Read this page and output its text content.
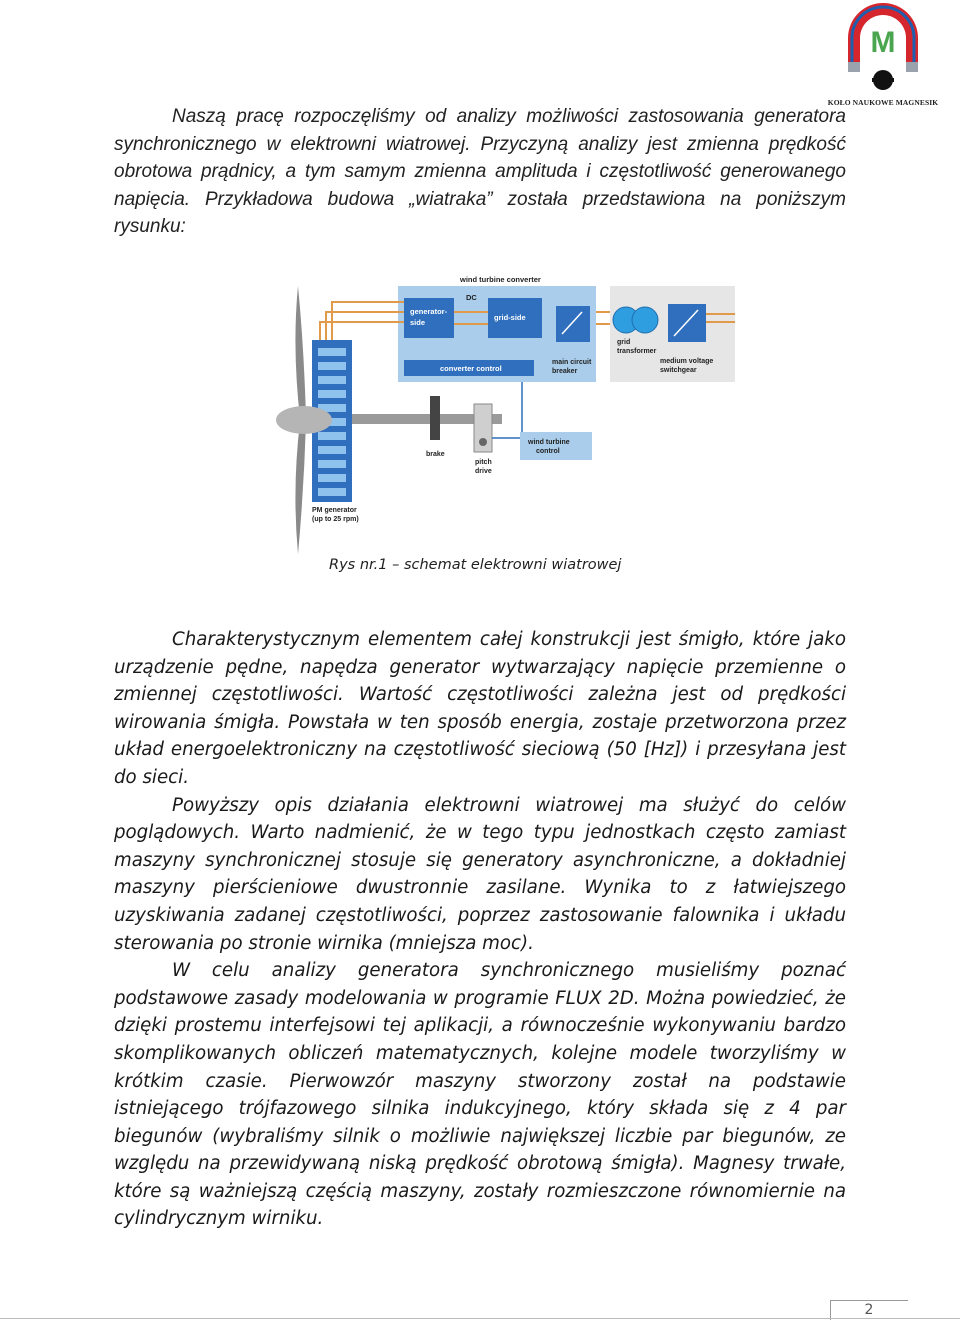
M
KOŁO NAUKOWE MAGNESIK
Naszą pracę rozpoczęliśmy od analizy możliwości zastosowania generatora synchronicznego w elektrowni wiatrowej. Przyczyną analizy jest zmienna prędkość obrotowa prądnicy, a tym samym zmienna amplituda i częstotliwość generowanego napięcia. Przykładowa budowa „wiatraka” została przedstawiona na poniższym rysunku:
wind turbine converter
generator-
side
grid-side
DC
converter control
main circuit
breaker
grid
transformer
medium voltage
switchgear
brake
pitch
drive
wind turbine
control
PM generator
(up to 25 rpm)
Rys nr.1 – schemat elektrowni wiatrowej

Charakterystycznym elementem całej konstrukcji jest śmigło, które jako urządzenie pędne, napędza generator wytwarzający napięcie przemienne o zmiennej częstotliwości. Wartość częstotliwości zależna jest od prędkości wirowania śmigła. Powstała w ten sposób energia, zostaje przetworzona przez układ energoelektroniczny na częstotliwość sieciową (50 [Hz]) i przesyłana jest do sieci.

Powyższy opis działania elektrowni wiatrowej ma służyć do celów poglądowych. Warto nadmienić, że w tego typu jednostkach często zamiast maszyny synchronicznej stosuje się generatory asynchroniczne, a dokładniej maszyny pierścieniowe dwustronnie zasilane. Wynika to z łatwiejszego uzyskiwania zadanej częstotliwości, poprzez zastosowanie falownika i układu sterowania po stronie wirnika (mniejsza moc).

W celu analizy generatora synchronicznego musieliśmy poznać podstawowe zasady modelowania w programie FLUX 2D. Można powiedzieć, że dzięki prostemu interfejsowi tej aplikacji, a równocześnie wykonywaniu bardzo skomplikowanych obliczeń matematycznych, kolejne modele tworzyliśmy w krótkim czasie. Pierwowzór maszyny stworzony został na podstawie istniejącego trójfazowego silnika indukcyjnego, który składa się z 4 par biegunów (wybraliśmy silnik o możliwie największej liczbie par biegunów, ze względu na przewidywaną niską prędkość obrotową śmigła). Magnesy trwałe, które są ważniejszą częścią maszyny, zostały rozmieszczone równomiernie na cylindrycznym wirniku.

2
